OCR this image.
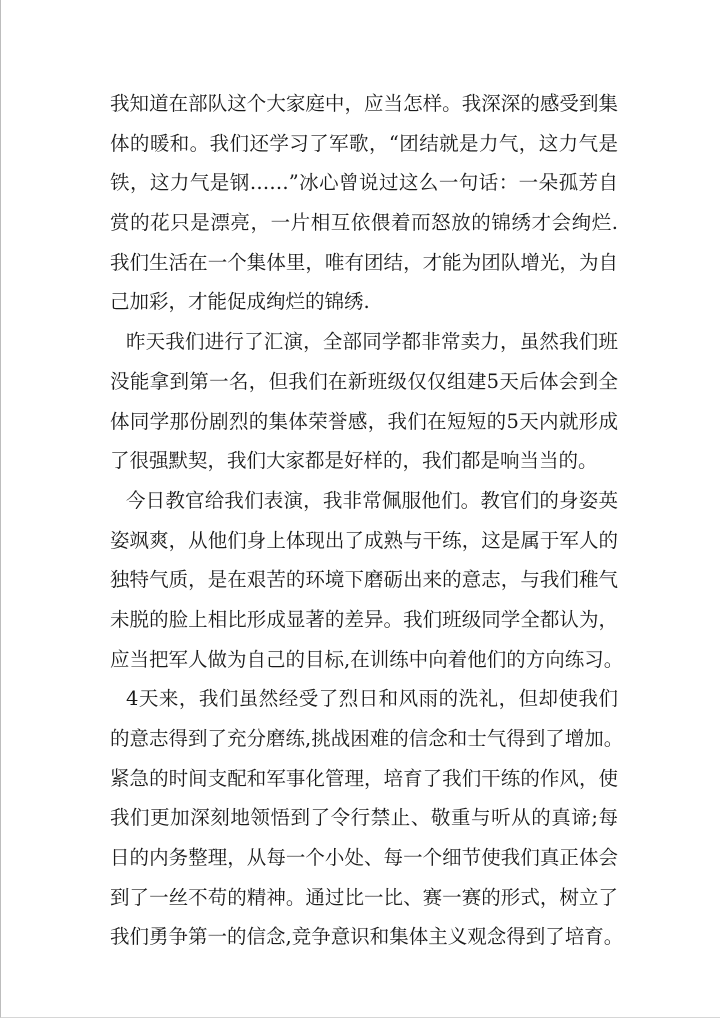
我知道在部队这个大家庭中，应当怎样。我深深的感受到集
体的暖和。我们还学习了军歌，“团结就是力气，这力气是
铁，这力气是钢……”冰心曾说过这么一句话：一朵孤芳自
赏的花只是漂亮，一片相互依偎着而怒放的锦绣才会绚烂.
我们生活在一个集体里，唯有团结，才能为团队增光，为自
己加彩，才能促成绚烂的锦绣.
昨天我们进行了汇演，全部同学都非常卖力，虽然我们班
没能拿到第一名，但我们在新班级仅仅组建5天后体会到全
体同学那份剧烈的集体荣誉感，我们在短短的5天内就形成
了很强默契，我们大家都是好样的，我们都是响当当的。
今日教官给我们表演，我非常佩服他们。教官们的身姿英
姿飒爽，从他们身上体现出了成熟与干练，这是属于军人的
独特气质，是在艰苦的环境下磨砺出来的意志，与我们稚气
未脱的脸上相比形成显著的差异。我们班级同学全都认为，
应当把军人做为自己的目标,在训练中向着他们的方向练习。
4天来，我们虽然经受了烈日和风雨的洗礼，但却使我们
的意志得到了充分磨练,挑战困难的信念和士气得到了增加。
紧急的时间支配和军事化管理，培育了我们干练的作风，使
我们更加深刻地领悟到了令行禁止、敬重与听从的真谛;每
日的内务整理，从每一个小处、每一个细节使我们真正体会
到了一丝不苟的精神。通过比一比、赛一赛的形式，树立了
我们勇争第一的信念,竞争意识和集体主义观念得到了培育。
